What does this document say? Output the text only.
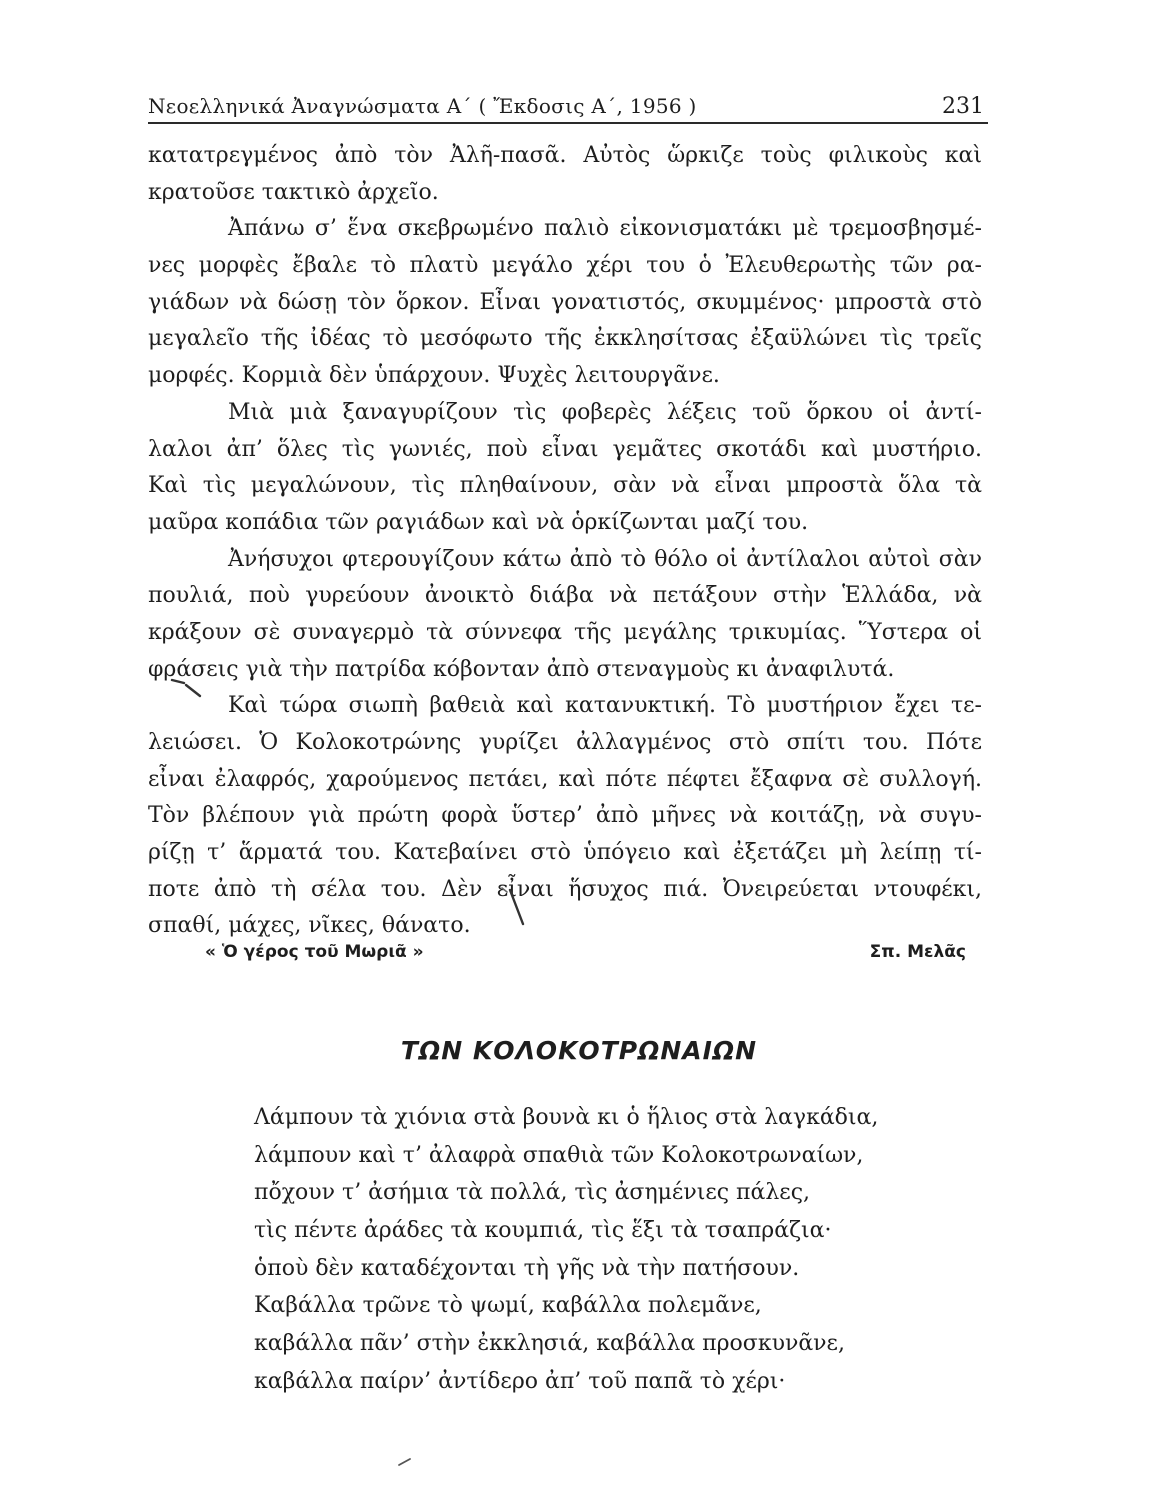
Νεοελληνικά Ἀναγνώσματα Α΄ ( Ἔκδοσις Α΄, 1956 )	231
κατατρεγμένος ἀπὸ τὸν Ἀλῆ-πασᾶ. Αὐτὸς ὥρκιζε τοὺς φιλικοὺς καὶ
κρατοῦσε τακτικὸ ἀρχεῖο.
Ἀπάνω σ’ ἕνα σκεβρωμένο παλιὸ εἰκονισματάκι μὲ τρεμοσβησμέ-
νες μορφὲς ἔβαλε τὸ πλατὺ μεγάλο χέρι του ὁ Ἐλευθερωτὴς τῶν ρα-
γιάδων νὰ δώσῃ τὸν ὅρκον. Εἶναι γονατιστός, σκυμμένος· μπροστὰ στὸ
μεγαλεῖο τῆς ἰδέας τὸ μεσόφωτο τῆς ἐκκλησίτσας ἐξαϋλώνει τὶς τρεῖς
μορφές. Κορμιὰ δὲν ὑπάρχουν. Ψυχὲς λειτουργᾶνε.
Μιὰ μιὰ ξαναγυρίζουν τὶς φοβερὲς λέξεις τοῦ ὅρκου οἱ ἀντί-
λαλοι ἀπ’ ὅλες τὶς γωνιές, ποὺ εἶναι γεμᾶτες σκοτάδι καὶ μυστήριο.
Καὶ τὶς μεγαλώνουν, τὶς πληθαίνουν, σὰν νὰ εἶναι μπροστὰ ὅλα τὰ
μαῦρα κοπάδια τῶν ραγιάδων καὶ νὰ ὁρκίζωνται μαζί του.
Ἀνήσυχοι φτερουγίζουν κάτω ἀπὸ τὸ θόλο οἱ ἀντίλαλοι αὐτοὶ σὰν
πουλιά, ποὺ γυρεύουν ἀνοικτὸ διάβα νὰ πετάξουν στὴν Ἑλλάδα, νὰ
κράξουν σὲ συναγερμὸ τὰ σύννεφα τῆς μεγάλης τρικυμίας. Ὕστερα οἱ
φράσεις γιὰ τὴν πατρίδα κόβονταν ἀπὸ στεναγμοὺς κι ἀναφιλυτά.
Καὶ τώρα σιωπὴ βαθειὰ καὶ κατανυκτική. Τὸ μυστήριον ἔχει τε-
λειώσει. Ὁ Κολοκοτρώνης γυρίζει ἀλλαγμένος στὸ σπίτι του. Πότε
εἶναι ἐλαφρός, χαρούμενος πετάει, καὶ πότε πέφτει ἔξαφνα σὲ συλλογή.
Τὸν βλέπουν γιὰ πρώτη φορὰ ὕστερ’ ἀπὸ μῆνες νὰ κοιτάζῃ, νὰ συγυ-
ρίζῃ τ’ ἅρματά του. Κατεβαίνει στὸ ὑπόγειο καὶ ἐξετάζει μὴ λείπῃ τί-
ποτε ἀπὸ τὴ σέλα του. Δὲν εἶναι ἥσυχος πιά. Ὀνειρεύεται ντουφέκι,
σπαθί, μάχες, νῖκες, θάνατο.
« Ὁ γέρος τοῦ Μωριᾶ »	Σπ. Μελᾶς
ΤΩΝ ΚΟΛΟΚΟΤΡΩΝΑΙΩΝ
Λάμπουν τὰ χιόνια στὰ βουνὰ κι ὁ ἥλιος στὰ λαγκάδια,
λάμπουν καὶ τ’ ἀλαφρὰ σπαθιὰ τῶν Κολοκοτρωναίων,
πὄχουν τ’ ἀσήμια τὰ πολλά, τὶς ἀσημένιες πάλες,
τὶς πέντε ἀράδες τὰ κουμπιά, τὶς ἕξι τὰ τσαπράζια·
ὁποὺ δὲν καταδέχονται τὴ γῆς νὰ τὴν πατήσουν.
Καβάλλα τρῶνε τὸ ψωμί, καβάλλα πολεμᾶνε,
καβάλλα πᾶν’ στὴν ἐκκλησιά, καβάλλα προσκυνᾶνε,
καβάλλα παίρν’ ἀντίδερο ἀπ’ τοῦ παπᾶ τὸ χέρι·
